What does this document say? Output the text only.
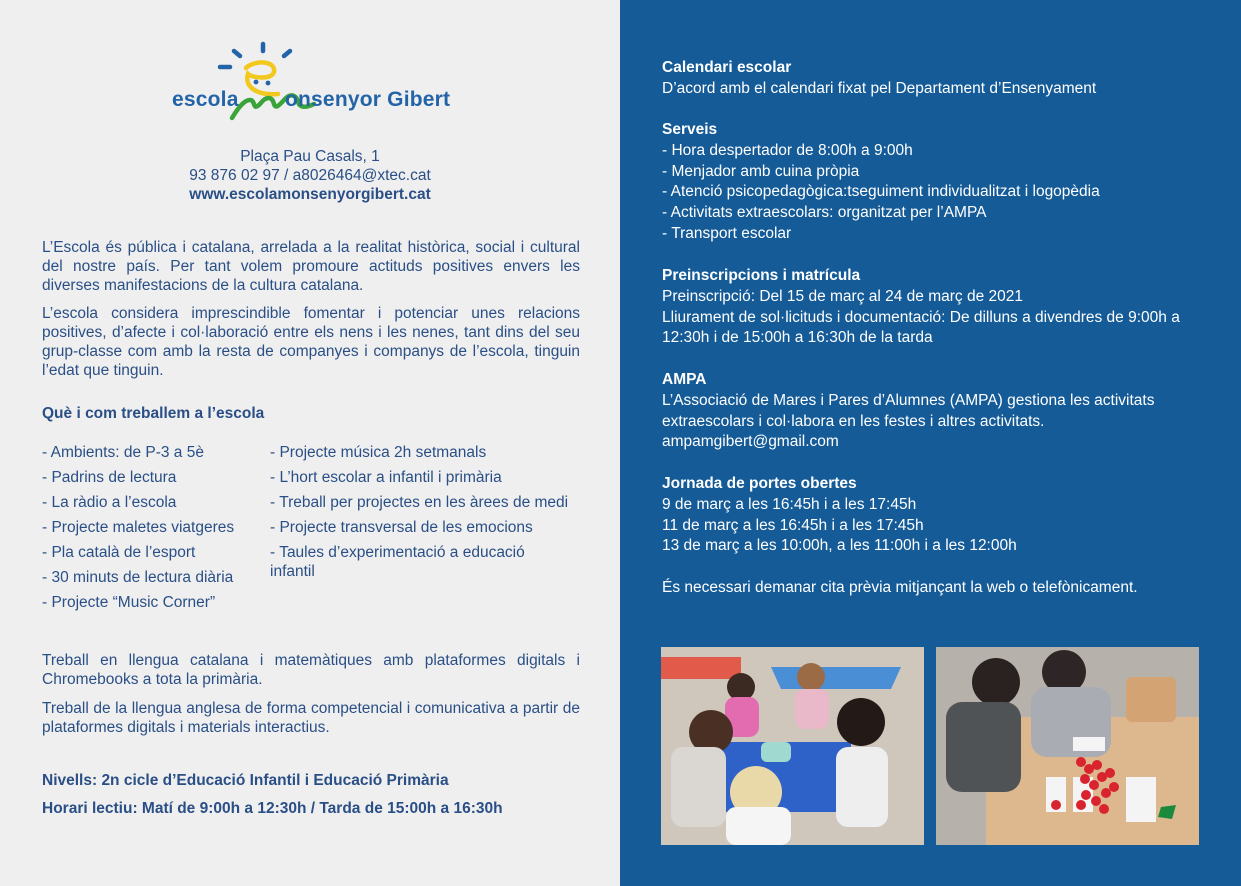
escola onsenyor Gibert
Plaça Pau Casals, 1
93 876 02 97 / a8026464@xtec.cat
www.escolamonsenyorgibert.cat
L’Escola és pública i catalana, arrelada a la realitat històrica, social i cultural del nostre país. Per tant volem promoure actituds positives envers les diverses manifestacions de la cultura catalana.
L’escola considera imprescindible fomentar i potenciar unes relacions positives, d’afecte i col·laboració entre els nens i les nenes, tant dins del seu grup-classe com amb la resta de companyes i companys de l’escola, tinguin l’edat que tinguin.
Què i com treballem a l’escola
- Ambients: de P-3 a 5è
- Padrins de lectura
- La ràdio a l’escola
- Projecte maletes viatgeres
- Pla català de l’esport
- 30 minuts de lectura diària
- Projecte “Music Corner”
- Projecte música 2h setmanals
- L’hort escolar a infantil i primària
- Treball per projectes en les àrees de medi
- Projecte transversal de les emocions
- Taules d’experimentació a educació infantil
Treball en llengua catalana i matemàtiques amb plataformes digitals i Chromebooks a tota la primària.
Treball de la llengua anglesa de forma competencial i comunicativa a partir de plataformes digitals i materials interactius.
Nivells: 2n cicle d’Educació Infantil i Educació Primària
Horari lectiu: Matí de 9:00h a 12:30h / Tarda de 15:00h a 16:30h

Calendari escolar

D’acord amb el calendari fixat pel Departament d’Ensenyament

Serveis

- Hora despertador de 8:00h a 9:00h

- Menjador amb cuina pròpia

- Atenció psicopedagògica:tseguiment individualitzat i logopèdia

- Activitats extraescolars: organitzat per l’AMPA

- Transport escolar

Preinscripcions i matrícula

Preinscripció: Del 15 de març al 24 de març de 2021

Lliurament de sol·licituds i documentació: De dilluns a divendres de 9:00h a 12:30h i de 15:00h a 16:30h de la tarda

AMPA

L’Associació de Mares i Pares d’Alumnes (AMPA) gestiona les activitats extraescolars i col·labora en les festes i altres activitats.

ampamgibert@gmail.com

Jornada de portes obertes

9 de març a les 16:45h i a les 17:45h

11 de març a les 16:45h i a les 17:45h

13 de març a les 10:00h, a les 11:00h i a les 12:00h

És necessari demanar cita prèvia mitjançant la web o telefònicament.
